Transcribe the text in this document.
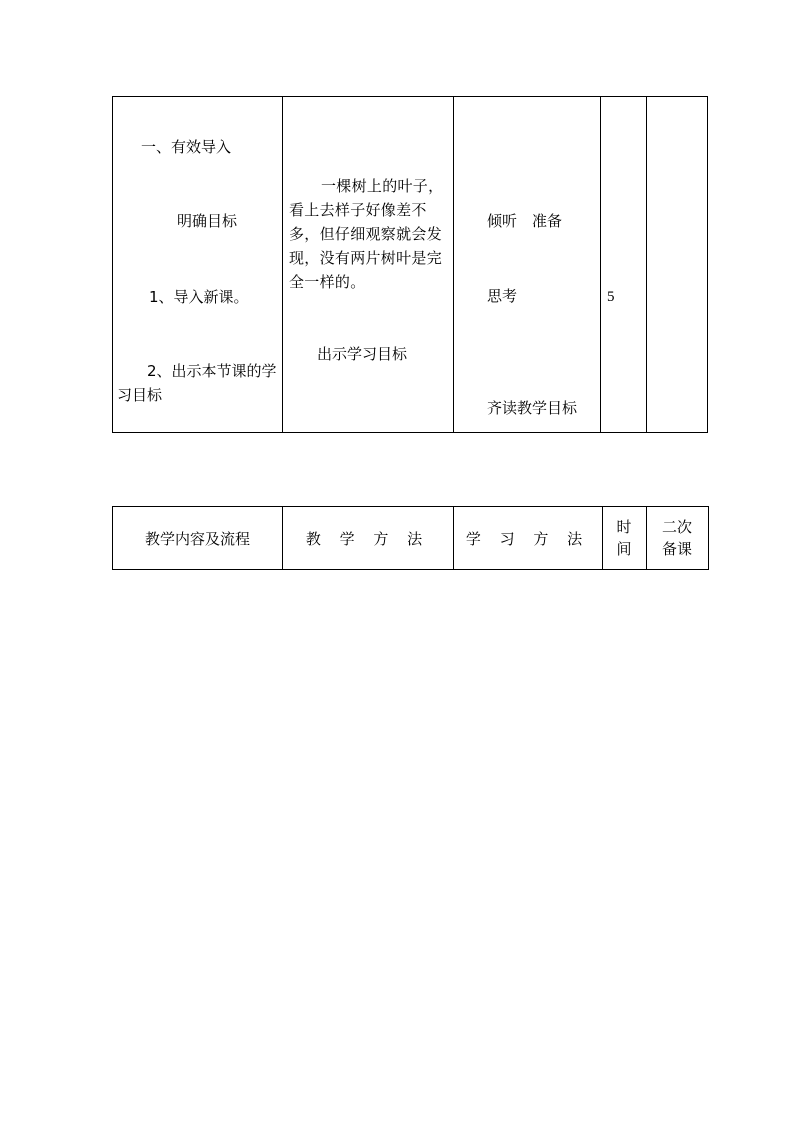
一、有效导入
明确目标
1、导入新课。
2、出示本节课的学习目标
一棵树上的叶子，看上去样子好像差不多，但仔细观察就会发现，没有两片树叶是完全一样的。
出示学习目标
倾听　准备
思考
齐读教学目标
5
教学内容及流程	教 学 方 法 学 习 方 法
时
间
二次
备课
